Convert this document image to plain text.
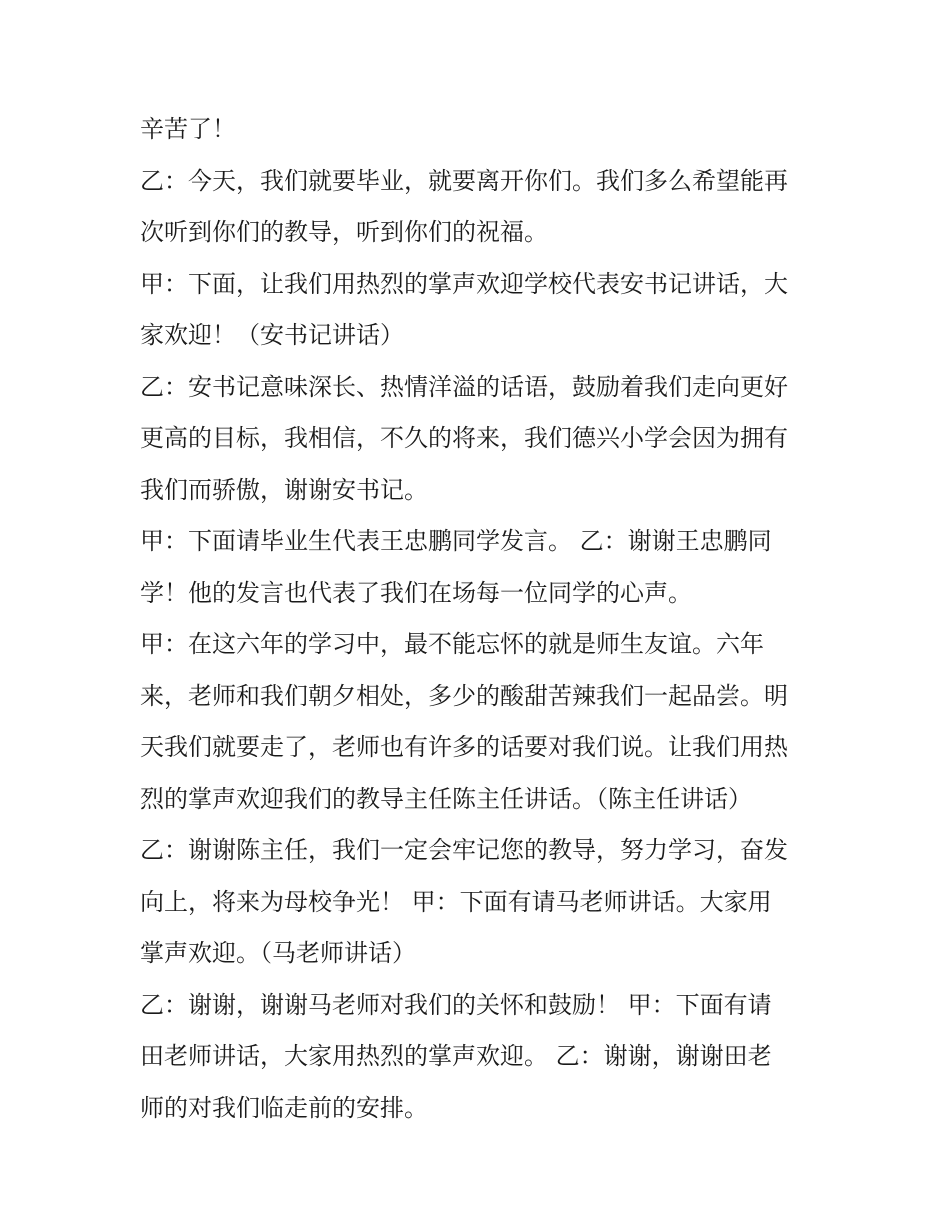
辛苦了！
乙：今天，我们就要毕业，就要离开你们。我们多么希望能再
次听到你们的教导，听到你们的祝福。
甲：下面，让我们用热烈的掌声欢迎学校代表安书记讲话，大
家欢迎！（安书记讲话）
乙：安书记意味深长、热情洋溢的话语，鼓励着我们走向更好
更高的目标，我相信，不久的将来，我们德兴小学会因为拥有
我们而骄傲，谢谢安书记。
甲：下面请毕业生代表王忠鹏同学发言。 乙：谢谢王忠鹏同
学！他的发言也代表了我们在场每一位同学的心声。
甲：在这六年的学习中，最不能忘怀的就是师生友谊。六年
来，老师和我们朝夕相处，多少的酸甜苦辣我们一起品尝。明
天我们就要走了，老师也有许多的话要对我们说。让我们用热
烈的掌声欢迎我们的教导主任陈主任讲话。（陈主任讲话）
乙：谢谢陈主任，我们一定会牢记您的教导，努力学习，奋发
向上，将来为母校争光！ 甲：下面有请马老师讲话。大家用
掌声欢迎。（马老师讲话）
乙：谢谢，谢谢马老师对我们的关怀和鼓励！ 甲：下面有请
田老师讲话，大家用热烈的掌声欢迎。 乙：谢谢，谢谢田老
师的对我们临走前的安排。
